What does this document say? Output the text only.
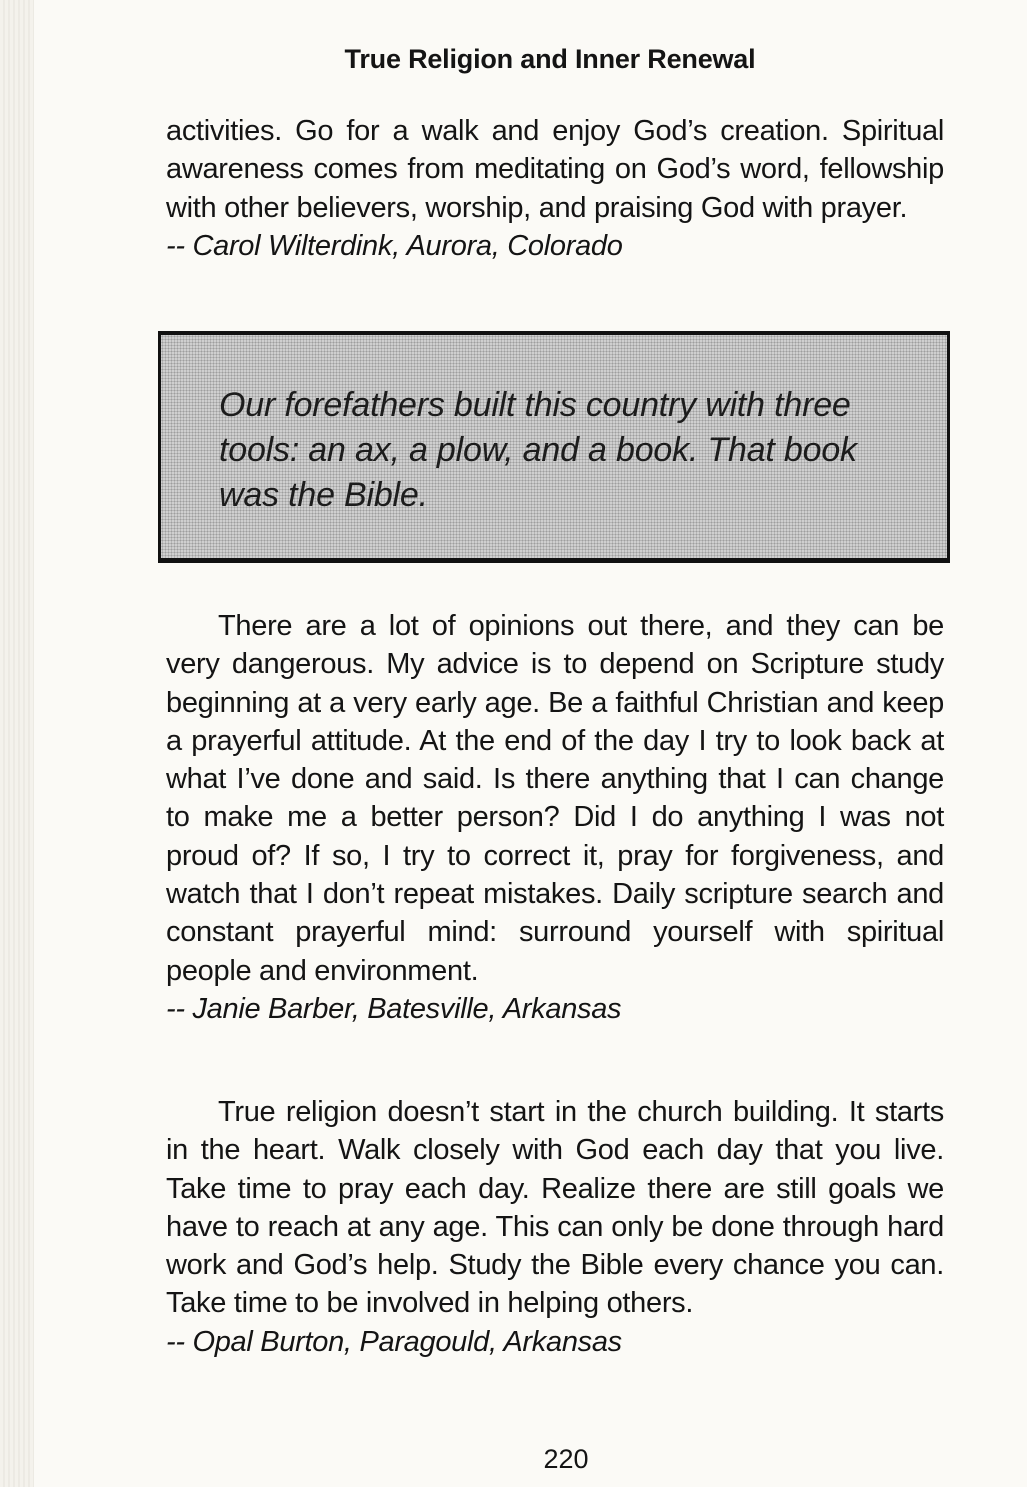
True Religion and Inner Renewal

activities. Go for a walk and enjoy God’s creation. Spiritual awareness comes from meditating on God’s word, fellowship with other believers, worship, and praising God with prayer.

-- Carol Wilterdink, Aurora, Colorado

Our forefathers built this country with three tools: an ax, a plow, and a book. That book was the Bible.

There are a lot of opinions out there, and they can be very dangerous. My advice is to depend on Scripture study beginning at a very early age. Be a faithful Christian and keep a prayerful attitude. At the end of the day I try to look back at what I’ve done and said. Is there anything that I can change to make me a better person? Did I do anything I was not proud of? If so, I try to correct it, pray for forgiveness, and watch that I don’t repeat mistakes. Daily scripture search and constant prayerful mind: surround yourself with spiritual people and environment.

-- Janie Barber, Batesville, Arkansas

True religion doesn’t start in the church building. It starts in the heart. Walk closely with God each day that you live. Take time to pray each day. Realize there are still goals we have to reach at any age. This can only be done through hard work and God’s help. Study the Bible every chance you can. Take time to be involved in helping others.

-- Opal Burton, Paragould, Arkansas

220
